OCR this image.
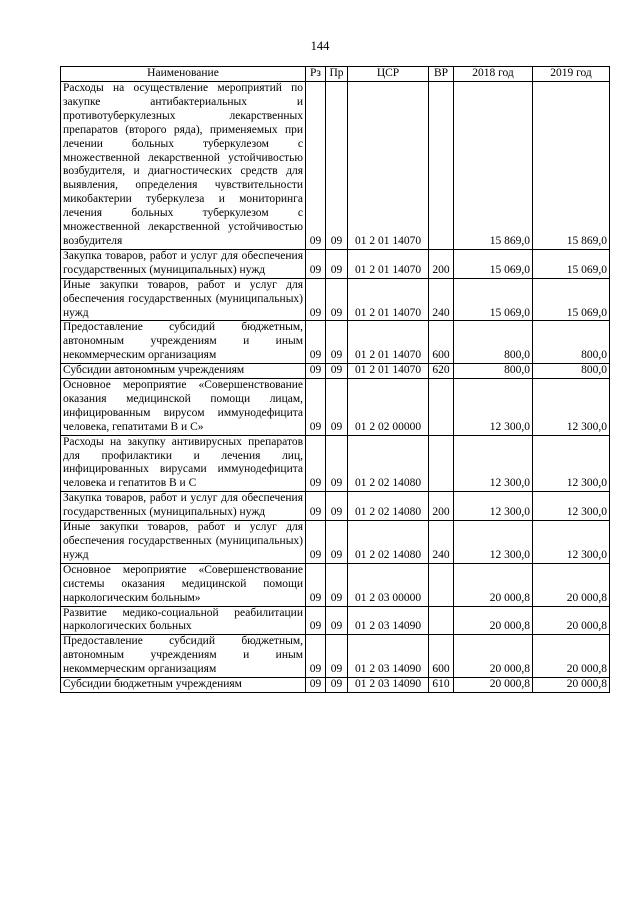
144
Наименование	Рз	Пр	ЦСР	ВР	2018 год	2019 год
Расходы на осуществление мероприятий по закупке антибактериальных и противотуберкулезных лекарственных препаратов (второго ряда), применяемых при лечении больных туберкулезом с множественной лекарственной устойчивостью возбудителя, и диагностических средств для выявления, определения чувствительности микобактерии туберкулеза и мониторинга лечения больных туберкулезом с множественной лекарственной устойчивостью возбудителя	09	09	01 2 01 14070		15 869,0	15 869,0
Закупка товаров, работ и услуг для обеспечения государственных (муниципальных) нужд	09	09	01 2 01 14070	200	15 069,0	15 069,0
Иные закупки товаров, работ и услуг для обеспечения государственных (муниципальных) нужд	09	09	01 2 01 14070	240	15 069,0	15 069,0
Предоставление субсидий бюджетным, автономным учреждениям и иным некоммерческим организациям	09	09	01 2 01 14070	600	800,0	800,0
Субсидии автономным учреждениям	09	09	01 2 01 14070	620	800,0	800,0
Основное мероприятие «Совершенствование оказания медицинской помощи лицам, инфицированным вирусом иммунодефицита человека, гепатитами В и С»	09	09	01 2 02 00000		12 300,0	12 300,0
Расходы на закупку антивирусных препаратов для профилактики и лечения лиц, инфицированных вирусами иммунодефицита человека и гепатитов В и С	09	09	01 2 02 14080		12 300,0	12 300,0
Закупка товаров, работ и услуг для обеспечения государственных (муниципальных) нужд	09	09	01 2 02 14080	200	12 300,0	12 300,0
Иные закупки товаров, работ и услуг для обеспечения государственных (муниципальных) нужд	09	09	01 2 02 14080	240	12 300,0	12 300,0
Основное мероприятие «Совершенствование системы оказания медицинской помощи наркологическим больным»	09	09	01 2 03 00000		20 000,8	20 000,8
Развитие медико-социальной реабилитации наркологических больных	09	09	01 2 03 14090		20 000,8	20 000,8
Предоставление субсидий бюджетным, автономным учреждениям и иным некоммерческим организациям	09	09	01 2 03 14090	600	20 000,8	20 000,8
Субсидии бюджетным учреждениям	09	09	01 2 03 14090	610	20 000,8	20 000,8
